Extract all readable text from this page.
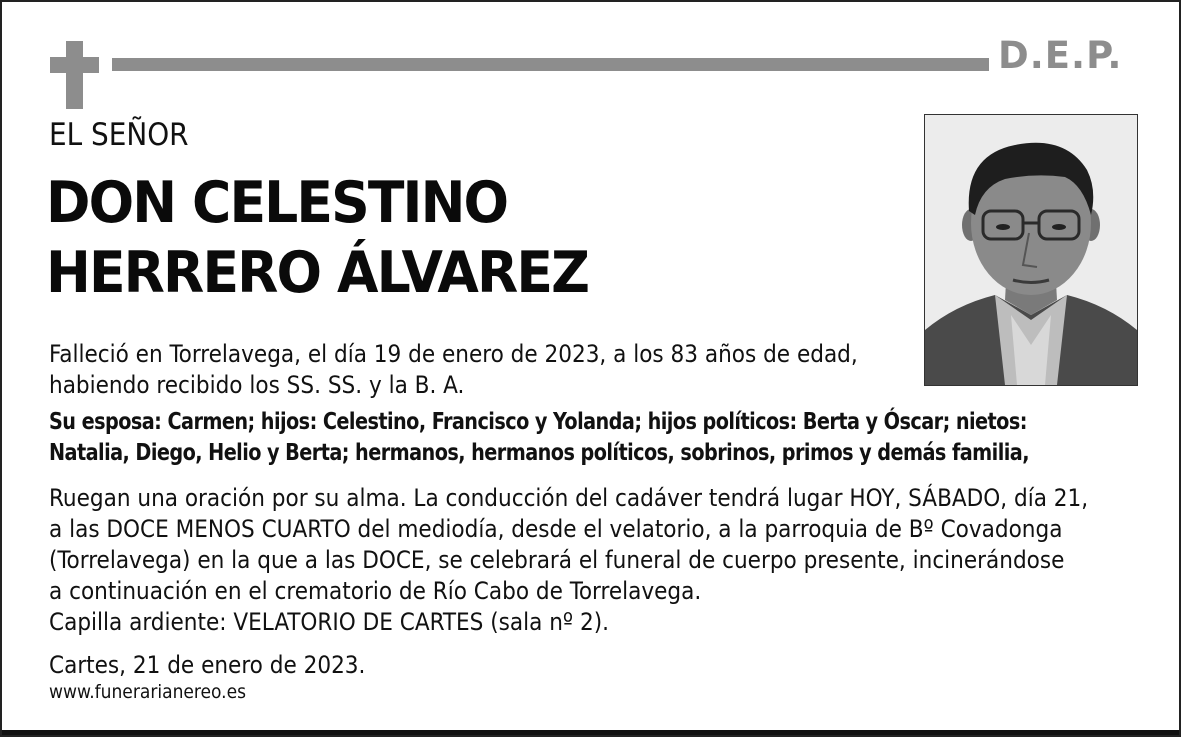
D.E.P.
EL SEÑOR
DON CELESTINO
HERRERO ÁLVAREZ
Falleció en Torrelavega, el día 19 de enero de 2023, a los 83 años de edad,
habiendo recibido los SS. SS. y la B. A.
Su esposa: Carmen; hijos: Celestino, Francisco y Yolanda; hijos políticos: Berta y Óscar; nietos:
Natalia, Diego, Helio y Berta; hermanos, hermanos políticos, sobrinos, primos y demás familia,
Ruegan una oración por su alma. La conducción del cadáver tendrá lugar HOY, SÁBADO, día 21,
a las DOCE MENOS CUARTO del mediodía, desde el velatorio, a la parroquia de Bº Covadonga
(Torrelavega) en la que a las DOCE, se celebrará el funeral de cuerpo presente, incinerándose
a continuación en el crematorio de Río Cabo de Torrelavega.
Capilla ardiente: VELATORIO DE CARTES (sala nº 2).
Cartes, 21 de enero de 2023.
www.funerarianereo.es
